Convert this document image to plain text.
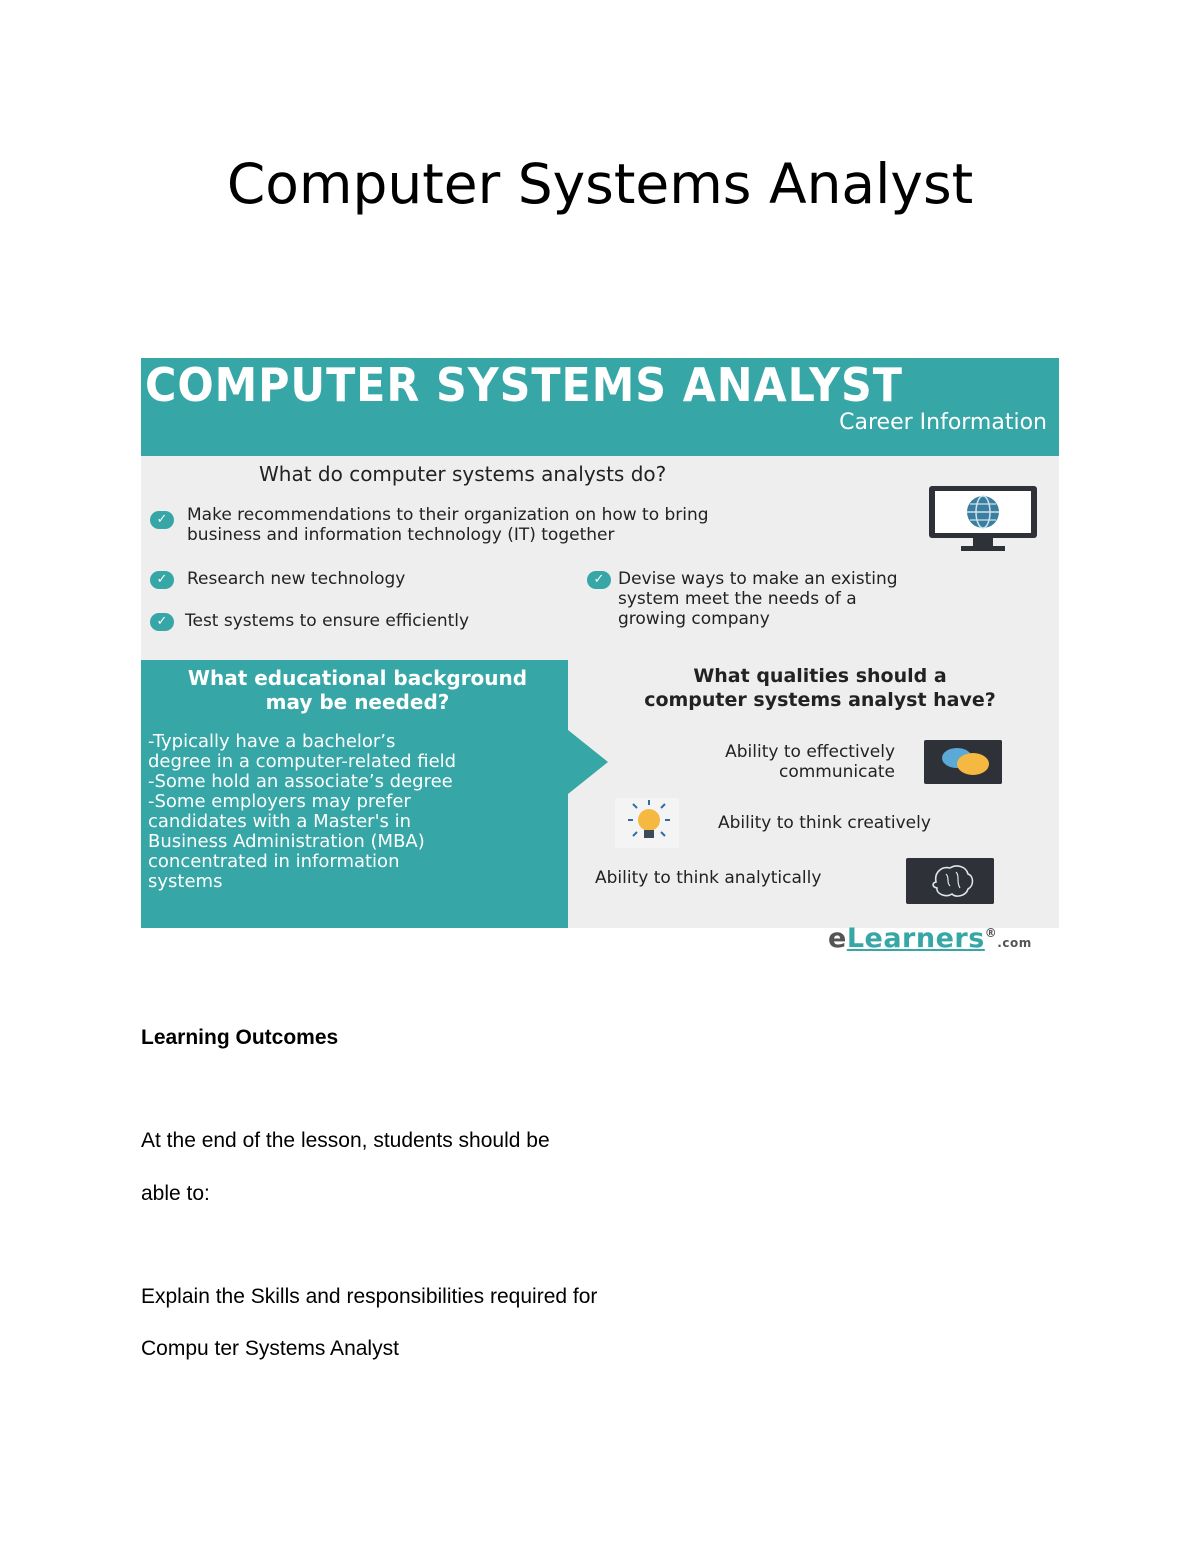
Computer Systems Analyst
COMPUTER SYSTEMS ANALYST
Career Information
What do computer systems analysts do?
✓	Make recommendations to their organization on how to bring
business and information technology (IT) together
✓	Research new technology
✓	Test systems to ensure efficiently
✓ Devise ways to make an existing
system meet the needs of a
growing company
What educational background
may be needed?
-Typically have a bachelor’s
degree in a computer-related field
-Some hold an associate’s degree
-Some employers may prefer
candidates with a Master's in
Business Administration (MBA)
concentrated in information
systems
What qualities should a
computer systems analyst have?
Ability to effectively
communicate
Ability to think creatively
Ability to think analytically
eLearners®.com
Learning Outcomes
At the end of the lesson, students should be
able to:
Explain the Skills and responsibilities required for
Compu ter Systems Analyst
